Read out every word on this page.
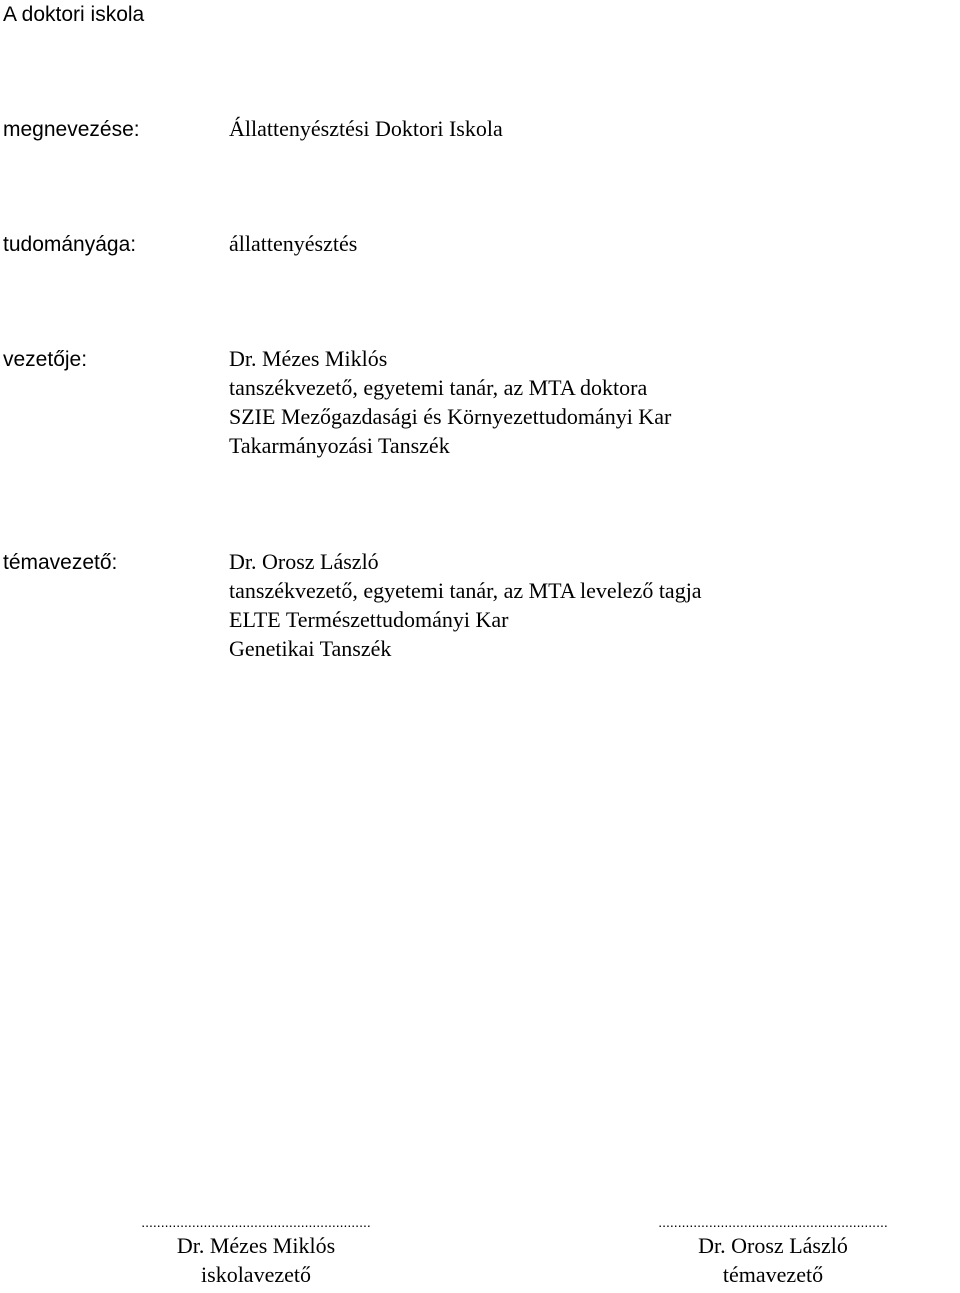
A doktori iskola
megnevezése:	Állattenyésztési Doktori Iskola
tudományága:	állattenyésztés
vezetője:	Dr. Mézes Miklós
tanszékvezető, egyetemi tanár, az MTA doktora
SZIE Mezőgazdasági és Környezettudományi Kar
Takarmányozási Tanszék
témavezető:	Dr. Orosz László
tanszékvezető, egyetemi tanár, az MTA levelező tagja
ELTE Természettudományi Kar
Genetikai Tanszék
...........................................................
Dr. Mézes Miklós
iskolavezető
...........................................................
Dr. Orosz László
témavezető
